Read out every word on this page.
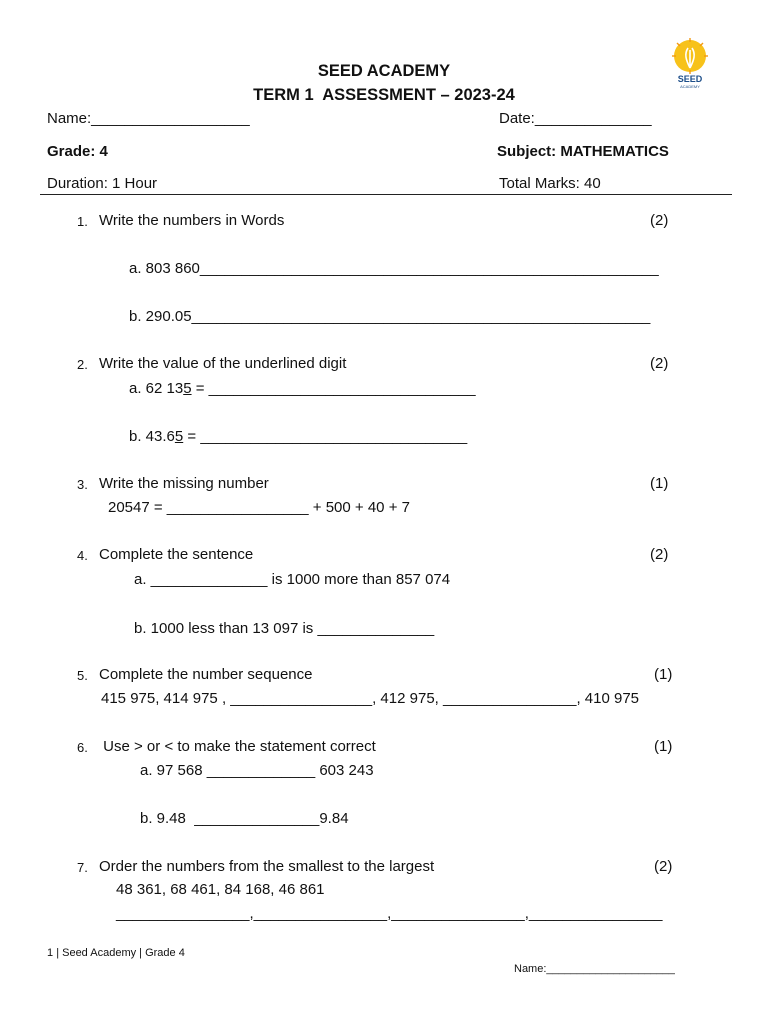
SEED
ACADEMY
SEED ACADEMY
TERM 1  ASSESSMENT – 2023-24
Name:___________________	Date:______________
Grade: 4	Subject: MATHEMATICS
Duration: 1 Hour	Total Marks: 40
1. Write the numbers in Words	(2)
a. 803 860_______________________________________________________
b. 290.05_______________________________________________________
2. Write the value of the underlined digit	(2)
a. 62 135 = ________________________________
b. 43.65 = ________________________________
3. Write the missing number	(1)
20547 = _________________ + 500 + 40 + 7
4. Complete the sentence	(2)
a. ______________ is 1000 more than 857 074
b. 1000 less than 13 097 is ______________
5. Complete the number sequence	(1)
415 975, 414 975 , _________________, 412 975, ________________, 410 975
6. Use > or < to make the statement correct	(1)
a. 97 568 _____________ 603 243
b. 9.48  _______________9.84
7. Order the numbers from the smallest to the largest	(2)
48 361, 68 461, 84 168, 46 861
________________,________________,________________,________________
1 | Seed Academy | Grade 4
Name:_____________________
